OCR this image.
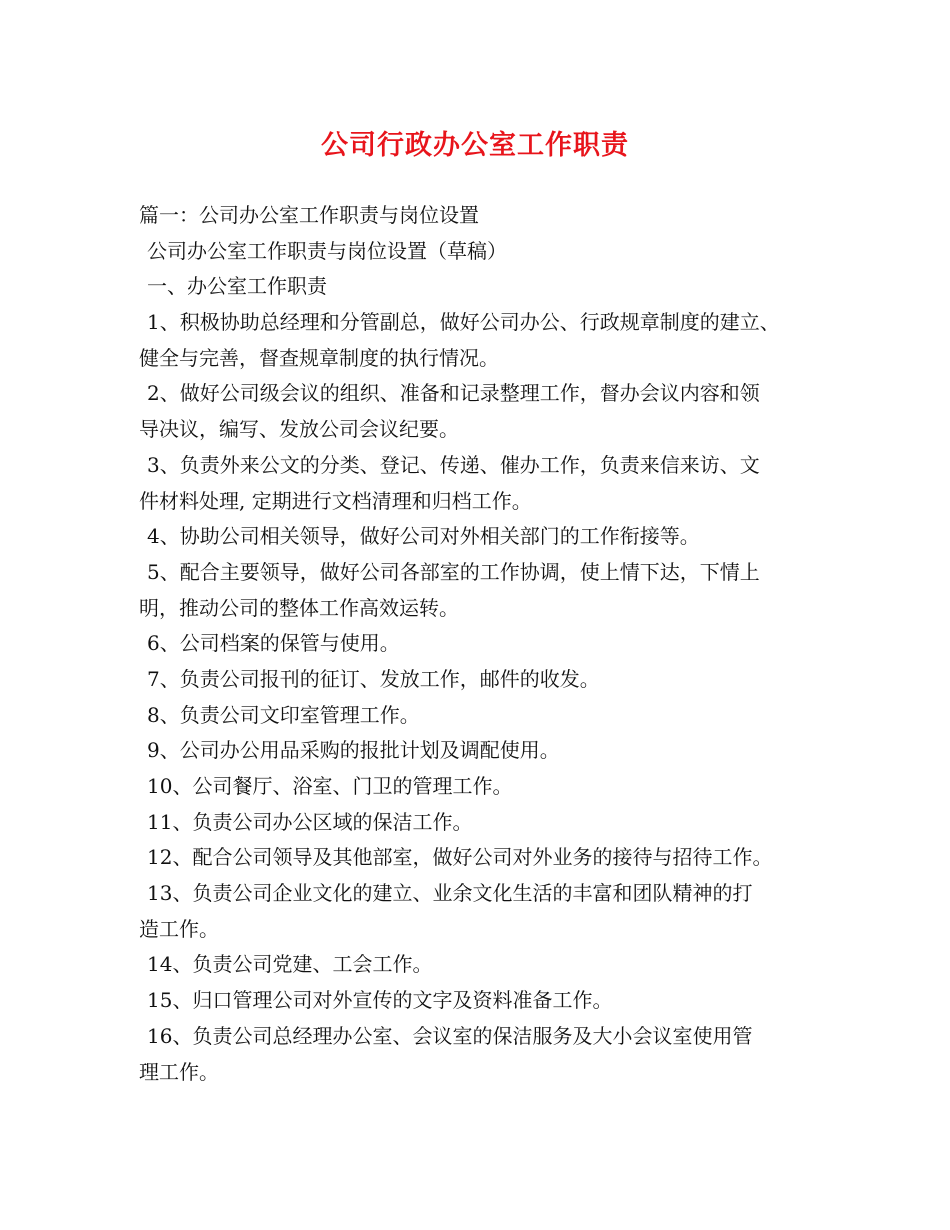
公司行政办公室工作职责
篇一：公司办公室工作职责与岗位设置
公司办公室工作职责与岗位设置（草稿）
一、办公室工作职责
1、积极协助总经理和分管副总，做好公司办公、行政规章制度的建立、
健全与完善，督查规章制度的执行情况。
2、做好公司级会议的组织、准备和记录整理工作，督办会议内容和领
导决议，编写、发放公司会议纪要。
3、负责外来公文的分类、登记、传递、催办工作，负责来信来访、文
件材料处理, 定期进行文档清理和归档工作。
4、协助公司相关领导，做好公司对外相关部门的工作衔接等。
5、配合主要领导，做好公司各部室的工作协调，使上情下达，下情上
明，推动公司的整体工作高效运转。
6、公司档案的保管与使用。
7、负责公司报刊的征订、发放工作，邮件的收发。
8、负责公司文印室管理工作。
9、公司办公用品采购的报批计划及调配使用。
10、公司餐厅、浴室、门卫的管理工作。
11、负责公司办公区域的保洁工作。
12、配合公司领导及其他部室，做好公司对外业务的接待与招待工作。
13、负责公司企业文化的建立、业余文化生活的丰富和团队精神的打
造工作。
14、负责公司党建、工会工作。
15、归口管理公司对外宣传的文字及资料准备工作。
16、负责公司总经理办公室、会议室的保洁服务及大小会议室使用管
理工作。
